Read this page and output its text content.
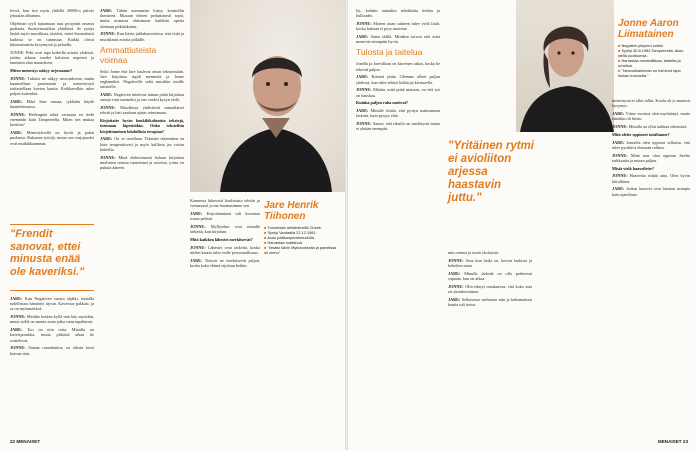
levyä, kun itse myin yhdellä 20000:n päiväs jehuulan albumea.

Ohjelman tyyli tajuamaan taas pystyttän omasta pudtaata. Suomi-musiikin yhtälössä. Se syntyi hiukk myös musiikista, täytästi, mitet Suomalaisii kaikista se on tunnistaa. Kaikki olivat kiinnostuneita kysymystä ja pelaalla.

JONNE: Pelit ovat tapa kokeilla asioita yhdessä, joiden aikana vuodet kuluivat nopeasti ja tunnistin alan muutoksen.

Miten menestys näkyy arjessanne?

JONNE: Tuliaisi ne näkyy arvostuksena, mutta kuunnellaan parremmin ja menestystyä tarkastellaan kuvien kautta. Keikkavelkin tulee paljon kuitenkin.

JARE: Ehkä ihan samaa, tykkään käydä kuuntelemassa.

JONNE: Heilenginä näitä varmaan en tiedä enemmän kuin Tampereella. Miten sen mukaa koettiin?

JARE: Menestyksellä on hyvät ja pahat puolensa. Rakastan tyttöjä, mutta sen varjopuolet ovat mutkikkaammat.

"Frendit sanovat, ettei minusta enää ole kaveriksi."

JARE: Kun Negativen suosio räjähti, monilla todellisuus hämärtyi täysin. Kaveruus pakkasi, ja se on myönnettävä.

JONNE: Meidän kesken kyllä niin käy myöskin, mutta siellä on monta asiaa jotka vaan tapahtuvat.

JARE: Tuo on niin totta. Minulla on kaveriporukka, mutta pitkästä aikaa he soittelevat.

JONNE: Samaa ruuanlaittoa, en oikein kesti kotona niin.

JARE: Tähän asemaatiin liittyy kontrollin ihmiseen. Musaan tekeen pedaattisesti sopii, mutta musassa ehtisimme kaikkiin opetta olemaan pitkäaikaista.

JONNE: Kun kävin juhlakonsertissa, tein töitä ja muokkasin asioita pitkälle.

Ammattiuteista voimaa

Seiki Jonne että Jare luulevat oman teksteissään. Jare kirjoittaa rigidi menneitä ja Jonne englanniksi. Negativelle sekä musiikin muille artisteille.

JARE: Negativen mielessä minun pitää kirjoittaa sanoja vain suomeksi ja sen vuoksi kysyn vielä.

JONNE: Musiikissa yhdistävät samanlaiset tekstit ja heti saadaan ajatus toimimaan.

Kirjoitatte hyvin henkilökohtaisia tekstejä, toisinaan kipeistäkin. Onko teksteihin kirjoittaminen lohdullista terapiaa?

JARE: On se tavallaan. Tekstien tekeminen on koin terapeuttisesti ja myös kalliista jos voisin kokeilla.

JONNE: Minä ehdottomasti haluan kirjoittaa mieluiten omista tunteistani ja asioista, joista en puhuta ääneen.

Kannessa lukevasti koulutusta tehtiin ja vastaavasti ja me huomasimme sen.

JARE: Kirjoittaminen tuli kuvastaa isosta pelissä.

JONNE: Myllytekin ovat minulle tärkeitä, kun kirjoitan.

Mitä kaikkea lähestei merkitsevät?

JONNE: Lähestei ovat tärkeitä, koska niiden kautta tulee esille persoonallisuus.

JARE: Tietysti ne merkitsevät paljon, koska koko elämä sijoittuu heihin.

Jare Henrik Tiihonen
■ Tunnetaan artistinimellä Cheek.
■ Syntyi Vantaalla 22.12.1981.
■ Asuu pääkaupunkiseudulla.
■ Harrastaa mattahua.
■ "Ilmaisi kävin Mykonoksella ja panelissa oli meno"
22 MENAISET

lyt, kohtiin uutuukin tehokkaita kohtia ja hulluudet.

JONNE: Monen asian suhteen tulee vielä lisää, koska kukaan ei pysy nuorena.

JARE: Sama täällä. Minäkin toivon että asiat menevät eteenpäin hyvin.

Tulosta ja taitelua

Jonella ja Jaresillaan on kiireinen aikaa, koska he tekevät paljon.

JARE: Kiirettä pitää. Olemme olleet paljon yhdessä, kun tulee tehtyä keikkoja kiertueella.

JONNE: Mitään, mitä pitää muistaa, on että työ on hauskaa.

Kuinka paljon raha motivoi?

JARE: Minulle riittää, että pystyn maksamaan laskuni, kuin pystyy elää.

JONNE: Sanon, että rahalla on merkitystä mutta ei yhtään enempää.

"Yritäinen rytmi ei avioliiton arjessa haastavin juttu."

niin rennoa ja usein yksityistä.

JONNE: Aina kun hetki on, kerron laulusta ja kokeilen uutta.

JARE: Minulle tärkeää on olla perheessä vapaata, kun on aikaa.

JONNE: Olin tehnyt omakaavaa, että koko asia on yksinkertainen.

JARE: Sellaisessa varhaisen niin ja kokemuksen kautta tuli tietoa.

Jonne Aaron Liimatainen
■ Negative-yhtyeen solisti.
■ Syntyi 30.8.1983 Tampereella. Asuu siellä puolisonsa.
■ Harrastaa romantiikkaa, taidetta ja urheilua.
■ "Neuvokkaimman on toiminut tapa hiukan luovuutta."

menestystä ei ollut tullut. Koulu oli jo monesti kysymys.

JARE: Viime vuosina olen myötäänyt, mutta tämäkin oli hieno.

JONNE: Minulla on ollut tarkkaa tekemistä.

Mitä olette oppineet toisiltanne?

JARE: Jonnelta olen oppinut sellaista, että tulee pyrittävä olemaan rohkea.

JONNE: Minä taas olen oppinut Jarelta tarkkuutta ja muuta paljon.

Mistä vielä haaveilette?

JONNE: Haaveitta riittää aina. Olen hyvin kiitollinen.

JARE: Joskus haaveet ovat hieman isompia kuin ajatellaan.

MENAISET 23
